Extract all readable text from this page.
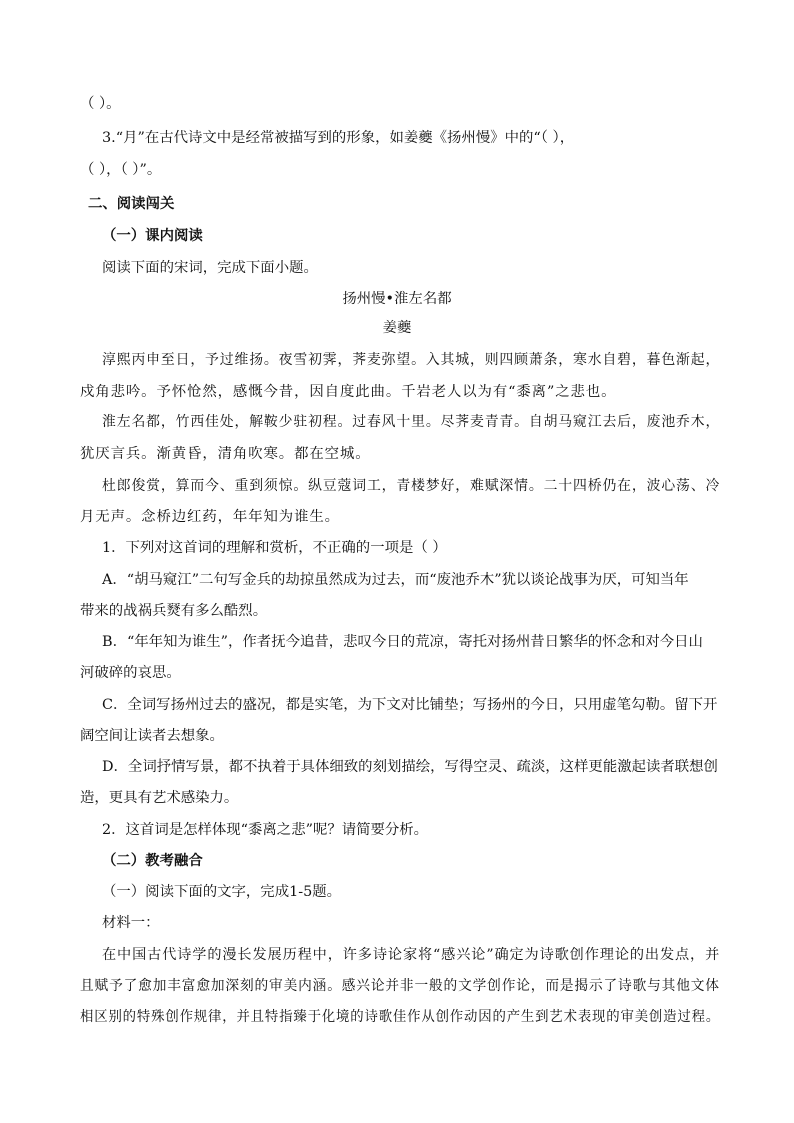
（ ）。
3.“月”在古代诗文中是经常被描写到的形象，如姜夔《扬州慢》中的“（ ），
（ ），（ ）”。
二、阅读闯关
（一）课内阅读
阅读下面的宋词，完成下面小题。
扬州慢•淮左名都
姜夔
淳熙丙申至日，予过维扬。夜雪初霁，荠麦弥望。入其城，则四顾萧条，寒水自碧，暮色渐起，
戍角悲吟。予怀怆然，感慨今昔，因自度此曲。千岩老人以为有“黍离”之悲也。
淮左名都，竹西佳处，解鞍少驻初程。过春风十里。尽荠麦青青。自胡马窥江去后，废池乔木，
犹厌言兵。渐黄昏，清角吹寒。都在空城。
杜郎俊赏，算而今、重到须惊。纵豆蔻词工，青楼梦好，难赋深情。二十四桥仍在，波心荡、冷
月无声。念桥边红药，年年知为谁生。
1．下列对这首词的理解和赏析，不正确的一项是（ ）
A．“胡马窥江”二句写金兵的劫掠虽然成为过去，而“废池乔木”犹以谈论战事为厌，可知当年
带来的战祸兵燹有多么酷烈。
B．“年年知为谁生”，作者抚今追昔，悲叹今日的荒凉，寄托对扬州昔日繁华的怀念和对今日山
河破碎的哀思。
C．全词写扬州过去的盛况，都是实笔，为下文对比铺垫；写扬州的今日，只用虚笔勾勒。留下开
阔空间让读者去想象。
D．全词抒情写景，都不执着于具体细致的刻划描绘，写得空灵、疏淡，这样更能激起读者联想创
造，更具有艺术感染力。
2．这首词是怎样体现“黍离之悲”呢？请简要分析。
（二）教考融合
（一）阅读下面的文字，完成1-5题。
材料一：
在中国古代诗学的漫长发展历程中，许多诗论家将“感兴论”确定为诗歌创作理论的出发点，并
且赋予了愈加丰富愈加深刻的审美内涵。感兴论并非一般的文学创作论，而是揭示了诗歌与其他文体
相区别的特殊创作规律，并且特指臻于化境的诗歌佳作从创作动因的产生到艺术表现的审美创造过程。
